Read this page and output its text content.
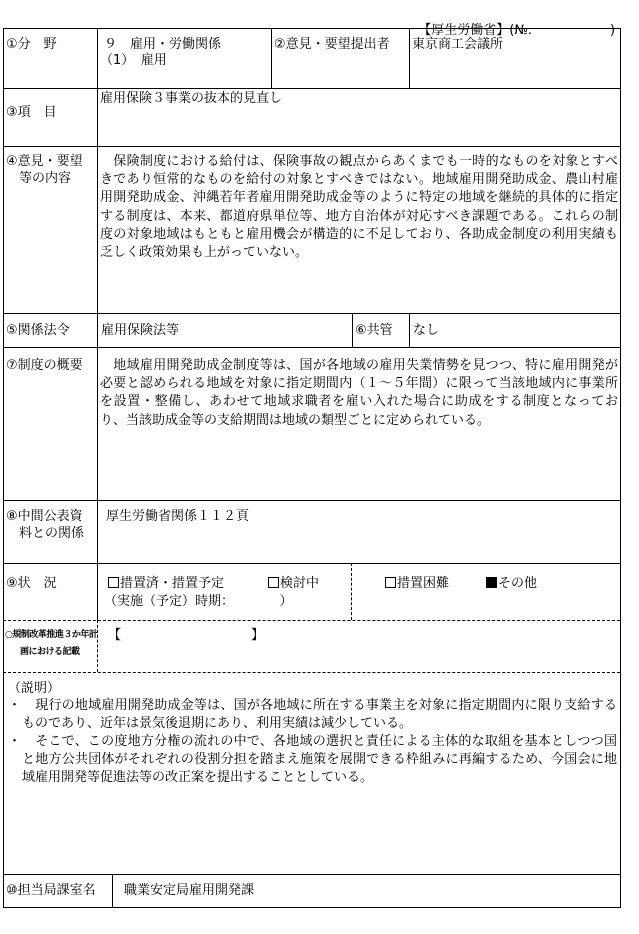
【厚生労働省】(№.	)

①分　野	９　雇用・労働関係
（1）　雇用
②意見・要望提出者 東京商工会議所
③項　目
雇用保険３事業の抜本的見直し
④意見・要望
等の内容
　保険制度における給付は、保険事故の観点からあくまでも一時的なものを対象とすべきであり恒常的なものを給付の対象とすべきではない。地域雇用開発助成金、農山村雇用開発助成金、沖縄若年者雇用開発助成金等のように特定の地域を継続的具体的に指定する制度は、本来、都道府県単位等、地方自治体が対応すべき課題である。これらの制度の対象地域はもともと雇用機会が構造的に不足しており、各助成金制度の利用実績も乏しく政策効果も上がっていない。
⑤関係法令 雇用保険法等	⑥共管 なし
⑦制度の概要 　地域雇用開発助成金制度等は、国が各地域の雇用失業情勢を見つつ、特に雇用開発が必要と認められる地域を対象に指定期間内（１～５年間）に限って当該地域内に事業所を設置・整備し、あわせて地域求職者を雇い入れた場合に助成をする制度となっており、当該助成金等の支給期間は地域の類型ごとに定められている。
⑧中間公表資
料との関係
厚生労働省関係１１２頁
⑨状　況	措置済・措置予定	検討中	措置困難	その他
（実施（予定）時期：　　　　）
○規制改革推進３か年計
画における記載
【　　　　　　　　　　】
（説明）
・ 　現行の地域雇用開発助成金等は、国が各地域に所在する事業主を対象に指定期間内に限り支給するものであり、近年は景気後退期にあり、利用実績は減少している。
・ 　そこで、この度地方分権の流れの中で、各地域の選択と責任による主体的な取組を基本としつつ国と地方公共団体がそれぞれの役割分担を踏まえ施策を展開できる枠組みに再編するため、今国会に地域雇用開発等促進法等の改正案を提出することとしている。
⑩担当局課室名 職業安定局雇用開発課
